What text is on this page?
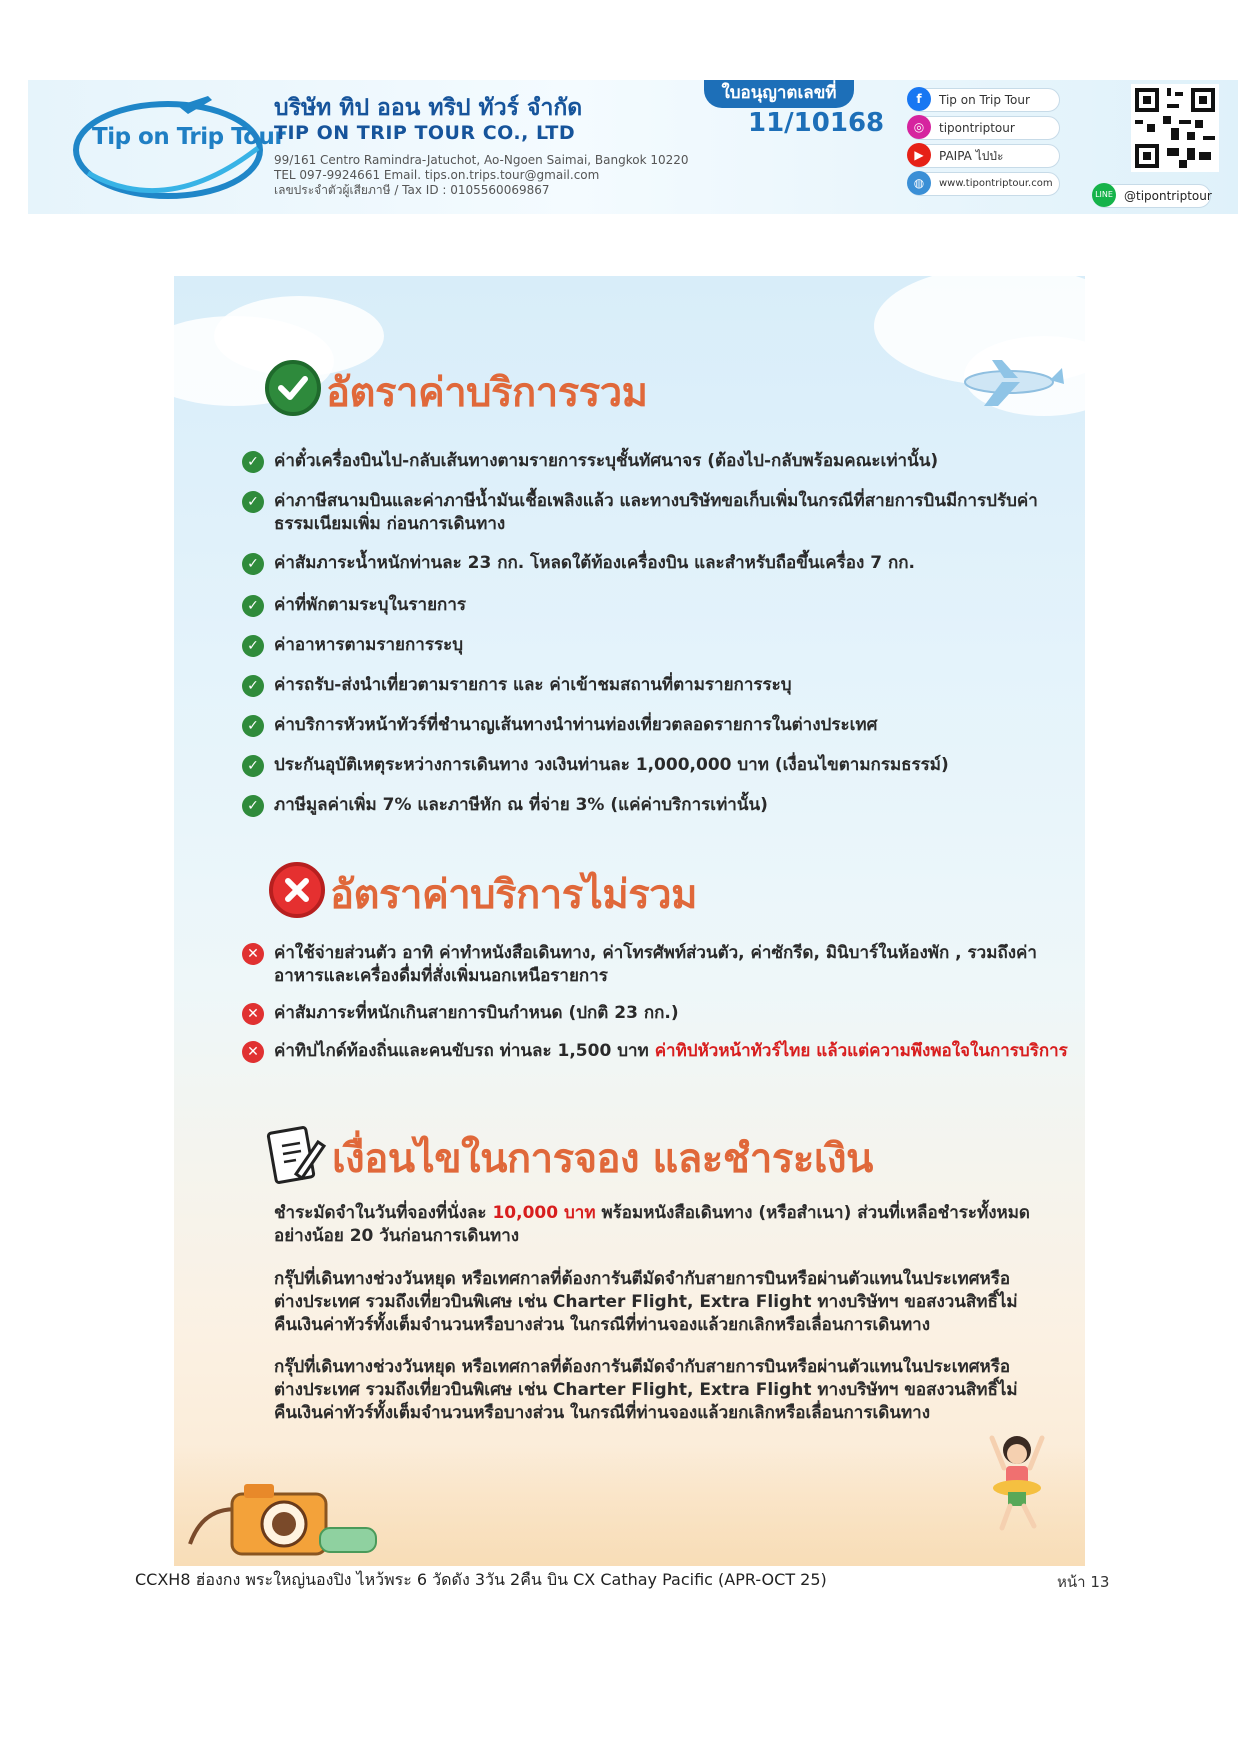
Tip on Trip Tour
บริษัท ทิป ออน ทริป ทัวร์ จำกัด
TIP ON TRIP TOUR CO., LTD
99/161 Centro Ramindra-Jatuchot, Ao-Ngoen Saimai, Bangkok 10220
TEL 097-9924661 Email. tips.on.trips.tour@gmail.com
เลขประจำตัวผู้เสียภาษี / Tax ID : 0105560069867
ใบอนุญาตเลขที่
11/10168
f	Tip on Trip Tour
◎	tipontriptour
▶	PAIPA ไปป่ะ
◍	www.tipontriptour.com
LINE @tipontriptour
อัตราค่าบริการรวม
✓ ค่าตั๋วเครื่องบินไป-กลับเส้นทางตามรายการระบุชั้นทัศนาจร (ต้องไป-กลับพร้อมคณะเท่านั้น)
✓ ค่าภาษีสนามบินและค่าภาษีน้ำมันเชื้อเพลิงแล้ว และทางบริษัทขอเก็บเพิ่มในกรณีที่สายการบินมีการปรับค่าธรรมเนียมเพิ่ม ก่อนการเดินทาง
✓ ค่าสัมภาระน้ำหนักท่านละ 23 กก. โหลดใต้ท้องเครื่องบิน และสำหรับถือขึ้นเครื่อง 7 กก.
✓ ค่าที่พักตามระบุในรายการ
✓ ค่าอาหารตามรายการระบุ
✓ ค่ารถรับ-ส่งนำเที่ยวตามรายการ และ ค่าเข้าชมสถานที่ตามรายการระบุ
✓ ค่าบริการหัวหน้าทัวร์ที่ชำนาญเส้นทางนำท่านท่องเที่ยวตลอดรายการในต่างประเทศ
✓ ประกันอุบัติเหตุระหว่างการเดินทาง วงเงินท่านละ 1,000,000 บาท (เงื่อนไขตามกรมธรรม์)
✓ ภาษีมูลค่าเพิ่ม 7% และภาษีหัก ณ ที่จ่าย 3% (แค่ค่าบริการเท่านั้น)
อัตราค่าบริการไม่รวม
✕ ค่าใช้จ่ายส่วนตัว อาทิ ค่าทำหนังสือเดินทาง, ค่าโทรศัพท์ส่วนตัว, ค่าซักรีด, มินิบาร์ในห้องพัก , รวมถึงค่าอาหารและเครื่องดื่มที่สั่งเพิ่มนอกเหนือรายการ
✕ ค่าสัมภาระที่หนักเกินสายการบินกำหนด (ปกติ 23 กก.)
✕ ค่าทิปไกด์ท้องถิ่นและคนขับรถ ท่านละ 1,500 บาท ค่าทิปหัวหน้าทัวร์ไทย แล้วแต่ความพึงพอใจในการบริการ
เงื่อนไขในการจอง และชำระเงิน
ชำระมัดจำในวันที่จองที่นั่งละ 10,000 บาท พร้อมหนังสือเดินทาง (หรือสำเนา) ส่วนที่เหลือชำระทั้งหมดอย่างน้อย 20 วันก่อนการเดินทาง
กรุ๊ปที่เดินทางช่วงวันหยุด หรือเทศกาลที่ต้องการันตีมัดจำกับสายการบินหรือผ่านตัวแทนในประเทศหรือต่างประเทศ รวมถึงเที่ยวบินพิเศษ เช่น Charter Flight, Extra Flight ทางบริษัทฯ ขอสงวนสิทธิ์ไม่คืนเงินค่าทัวร์ทั้งเต็มจำนวนหรือบางส่วน ในกรณีที่ท่านจองแล้วยกเลิกหรือเลื่อนการเดินทาง
กรุ๊ปที่เดินทางช่วงวันหยุด หรือเทศกาลที่ต้องการันตีมัดจำกับสายการบินหรือผ่านตัวแทนในประเทศหรือต่างประเทศ รวมถึงเที่ยวบินพิเศษ เช่น Charter Flight, Extra Flight ทางบริษัทฯ ขอสงวนสิทธิ์ไม่คืนเงินค่าทัวร์ทั้งเต็มจำนวนหรือบางส่วน ในกรณีที่ท่านจองแล้วยกเลิกหรือเลื่อนการเดินทาง
CCXH8 ฮ่องกง พระใหญ่นองปิง ไหว้พระ 6 วัดดัง 3วัน 2คืน บิน CX Cathay Pacific (APR-OCT 25)	หน้า 13
